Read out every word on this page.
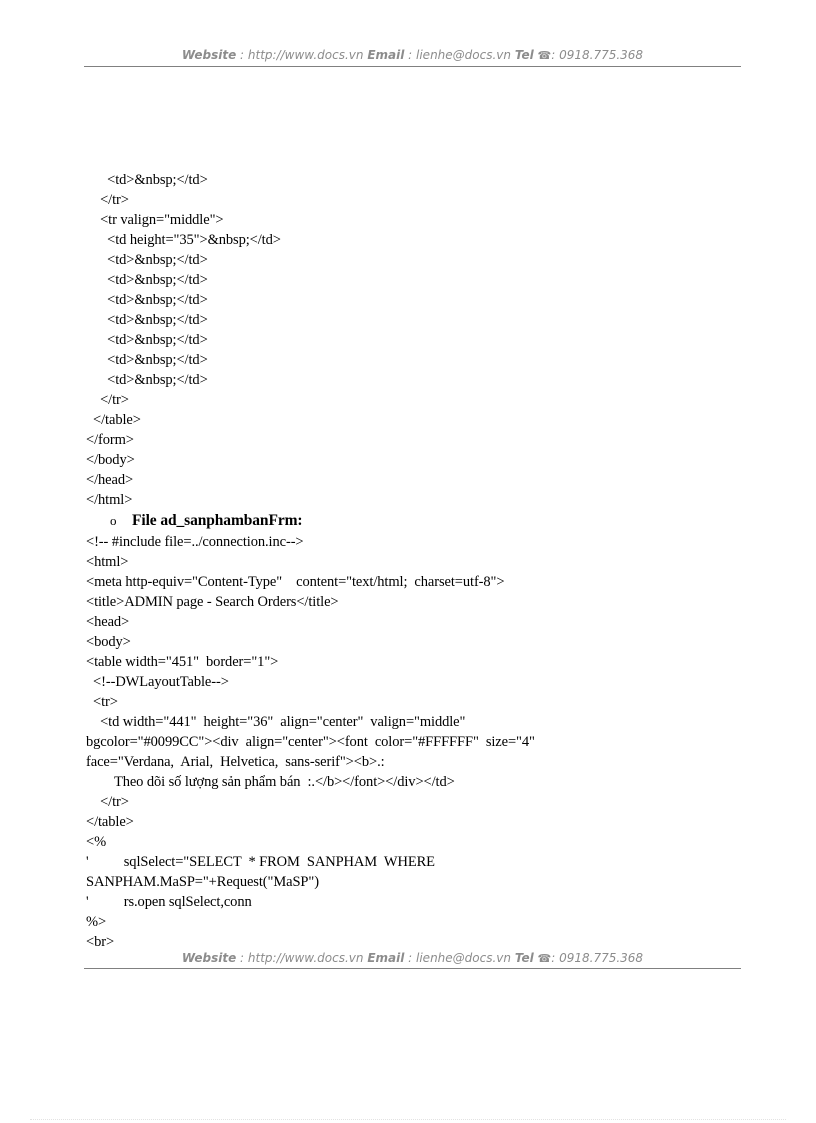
Website : http://www.docs.vn Email : lienhe@docs.vn Tel ☎: 0918.775.368
<td>&nbsp;</td>
</tr>
<tr valign="middle">
<td height="35">&nbsp;</td>
<td>&nbsp;</td>
<td>&nbsp;</td>
<td>&nbsp;</td>
<td>&nbsp;</td>
<td>&nbsp;</td>
<td>&nbsp;</td>
<td>&nbsp;</td>
</tr>
</table>
</form>
</body>
</head>
</html>
o File ad_sanphambanFrm:
<!-- #include file=../connection.inc-->
<html>
<meta http-equiv="Content-Type"    content="text/html;  charset=utf-8">
<title>ADMIN page - Search Orders</title>
<head>
<body>
<table width="451"  border="1">
<!--DWLayoutTable-->
<tr>
<td width="441"  height="36"  align="center"  valign="middle"
bgcolor="#0099CC"><div  align="center"><font  color="#FFFFFF"  size="4"
face="Verdana,  Arial,  Helvetica,  sans-serif"><b>.:
Theo dõi số lượng sản phẩm bán  :.</b></font></div></td>
</tr>
</table>
<%
'          sqlSelect="SELECT  * FROM  SANPHAM  WHERE
SANPHAM.MaSP="+Request("MaSP")
'          rs.open sqlSelect,conn
%>
<br>
Website : http://www.docs.vn Email : lienhe@docs.vn Tel ☎: 0918.775.368
